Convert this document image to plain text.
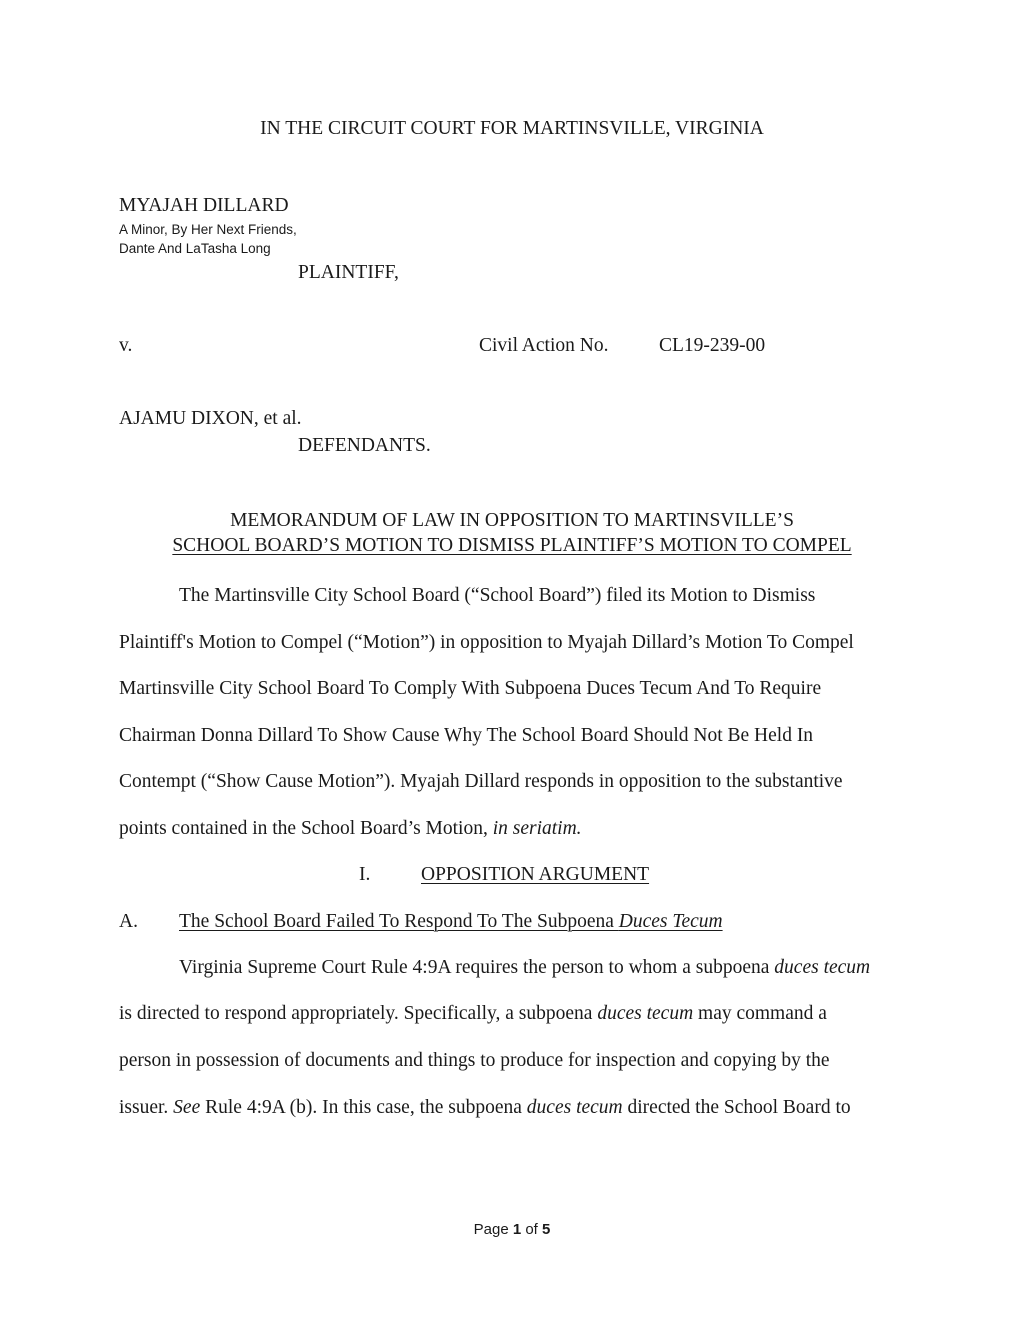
IN THE CIRCUIT COURT FOR MARTINSVILLE, VIRGINIA
MYAJAH DILLARD
A Minor, By Her Next Friends,
Dante And LaTasha Long
PLAINTIFF,
v.	Civil Action No.	CL19-239-00
AJAMU DIXON, et al.
DEFENDANTS.
MEMORANDUM OF LAW IN OPPOSITION TO MARTINSVILLE’S
SCHOOL BOARD’S MOTION TO DISMISS PLAINTIFF’S MOTION TO COMPEL
The Martinsville City School Board (“School Board”) filed its Motion to Dismiss
Plaintiff's Motion to Compel (“Motion”) in opposition to Myajah Dillard’s Motion To Compel
Martinsville City School Board To Comply With Subpoena Duces Tecum And To Require
Chairman Donna Dillard To Show Cause Why The School Board Should Not Be Held In
Contempt (“Show Cause Motion”). Myajah Dillard responds in opposition to the substantive
points contained in the School Board’s Motion, in seriatim.
I.	OPPOSITION ARGUMENT
A. The School Board Failed To Respond To The Subpoena Duces Tecum
Virginia Supreme Court Rule 4:9A requires the person to whom a subpoena duces tecum
is directed to respond appropriately. Specifically, a subpoena duces tecum may command a
person in possession of documents and things to produce for inspection and copying by the
issuer. See Rule 4:9A (b). In this case, the subpoena duces tecum directed the School Board to
Page 1 of 5
